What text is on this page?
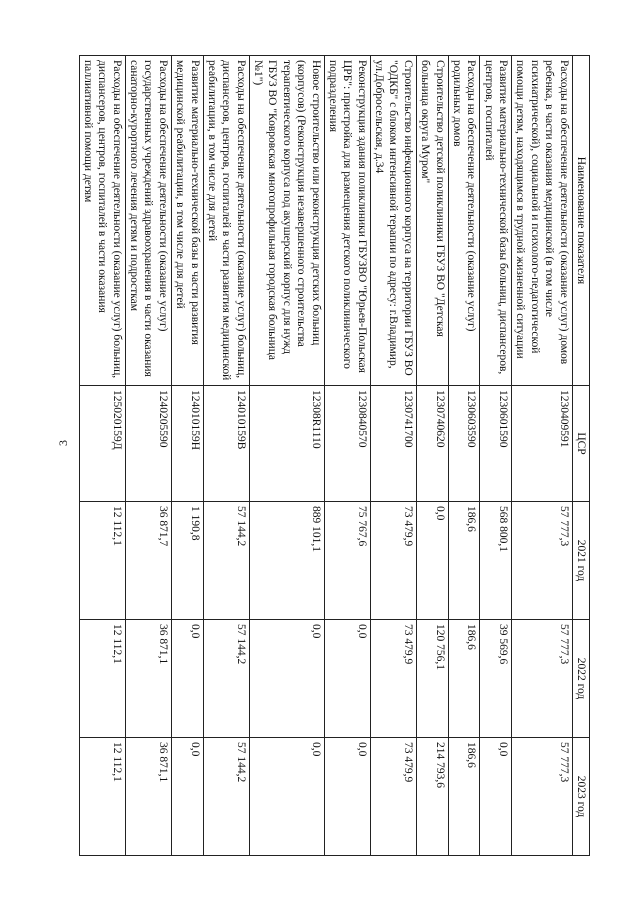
3
Наименование показателя	ЦСР	2021 год	2022 год	2023 год
Расходы на обеспечение деятельности (оказание услуг) домов ребенка, в части оказания медицинской (в том числе психиатрической), социальной и психолого-педагогической помощи детям, находящимся в трудной жизненной ситуации	1230409591	57 777,3	57 777,3	57 777,3
Развитие материально-технической базы больниц, диспансеров, центров, госпиталей	1230601590	568 800,1	39 569,6	0,0
Расходы на обеспечение деятельности (оказание услуг) родильных домов	1230603590	186,6	186,6	186,6
Строительство детской поликлиники ГБУЗ ВО "Детская больница округа Муром"	1230740620	0,0	120 756,1	214 793,6
Строительство инфекционного корпуса на территории ГБУЗ ВО "ОДКБ" с блоком интенсивной терапии по адресу: г.Владимир, ул.Добросельская, д.34	1230741700	73 479,9	73 479,9	73 479,9
Реконструкция здания поликлиники ГБУЗВО "Юрьев-Польская ЦРБ": пристройка для размещения детского поликлинического подразделения	1230840570	75 767,6	0,0	0,0
Новое строительство или реконструкция детских больниц (корпусов) (Реконструкция незавершенного строительства терапевтического корпуса под акушерский корпус для нужд ГБУЗ ВО "Ковровская многопрофильная городская больница №1")	12308R1110	889 101,1	0,0	0,0
Расходы на обеспечение деятельности (оказание услуг) больниц, диспансеров, центров, госпиталей в части развития медицинской реабилитации, в том числе для детей	124010159В	57 144,2	57 144,2	57 144,2
Развитие материально-технической базы в части развития медицинской реабилитации, в том числе для детей	124010159Н	1 190,8	0,0	0,0
Расходы на обеспечение деятельности (оказание услуг) государственных учреждений здравоохранения в части оказания санаторно-курортного лечения детям и подросткам	1240205590	36 871,7	36 871,1	36 871,1
Расходы на обеспечение деятельности (оказание услуг) больниц, диспансеров, центров, госпиталей в части оказания паллиативной помощи детям	125020159Д	12 112,1	12 112,1	12 112,1
